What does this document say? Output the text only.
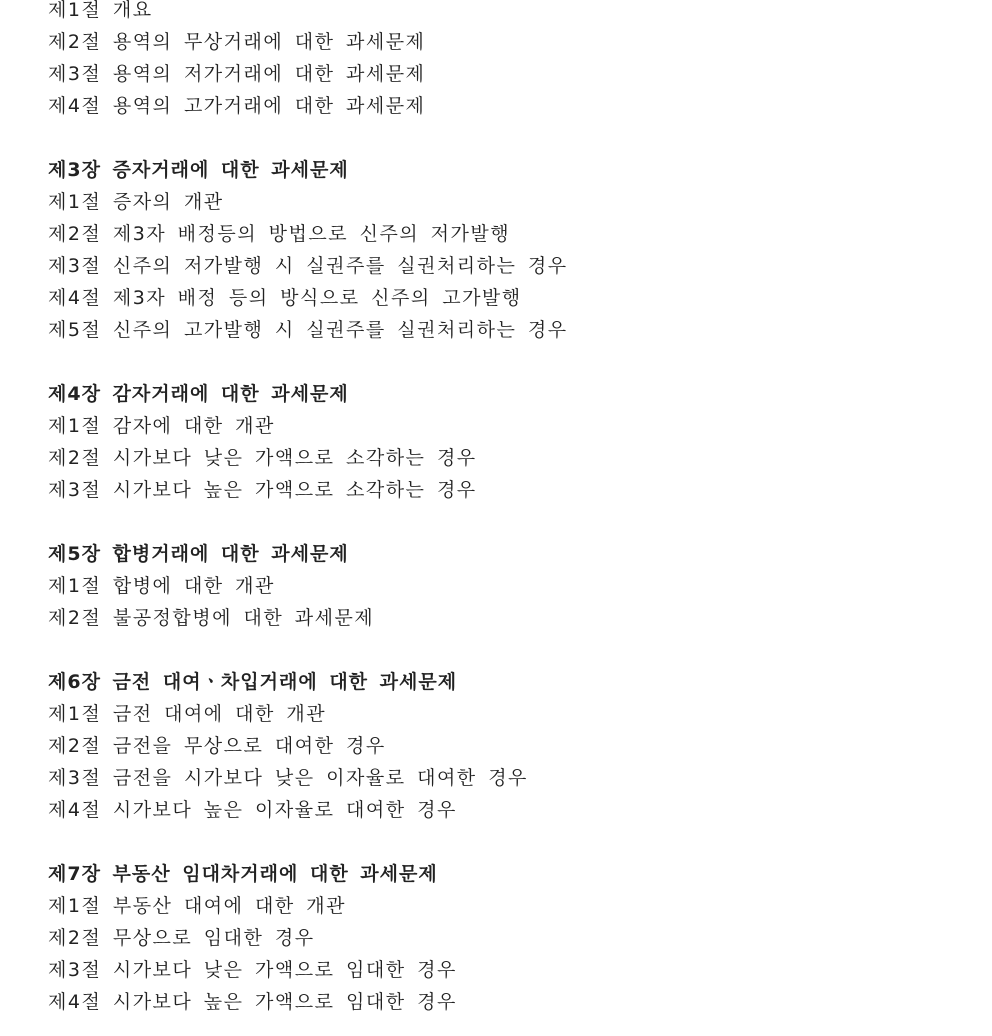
제1절 개요
제2절 용역의 무상거래에 대한 과세문제
제3절 용역의 저가거래에 대한 과세문제
제4절 용역의 고가거래에 대한 과세문제
제3장 증자거래에 대한 과세문제
제1절 증자의 개관
제2절 제3자 배정등의 방법으로 신주의 저가발행
제3절 신주의 저가발행 시 실권주를 실권처리하는 경우
제4절 제3자 배정 등의 방식으로 신주의 고가발행
제5절 신주의 고가발행 시 실권주를 실권처리하는 경우
제4장 감자거래에 대한 과세문제
제1절 감자에 대한 개관
제2절 시가보다 낮은 가액으로 소각하는 경우
제3절 시가보다 높은 가액으로 소각하는 경우
제5장 합병거래에 대한 과세문제
제1절 합병에 대한 개관
제2절 불공정합병에 대한 과세문제
제6장 금전 대여ㆍ차입거래에 대한 과세문제
제1절 금전 대여에 대한 개관
제2절 금전을 무상으로 대여한 경우
제3절 금전을 시가보다 낮은 이자율로 대여한 경우
제4절 시가보다 높은 이자율로 대여한 경우
제7장 부동산 임대차거래에 대한 과세문제
제1절 부동산 대여에 대한 개관
제2절 무상으로 임대한 경우
제3절 시가보다 낮은 가액으로 임대한 경우
제4절 시가보다 높은 가액으로 임대한 경우
